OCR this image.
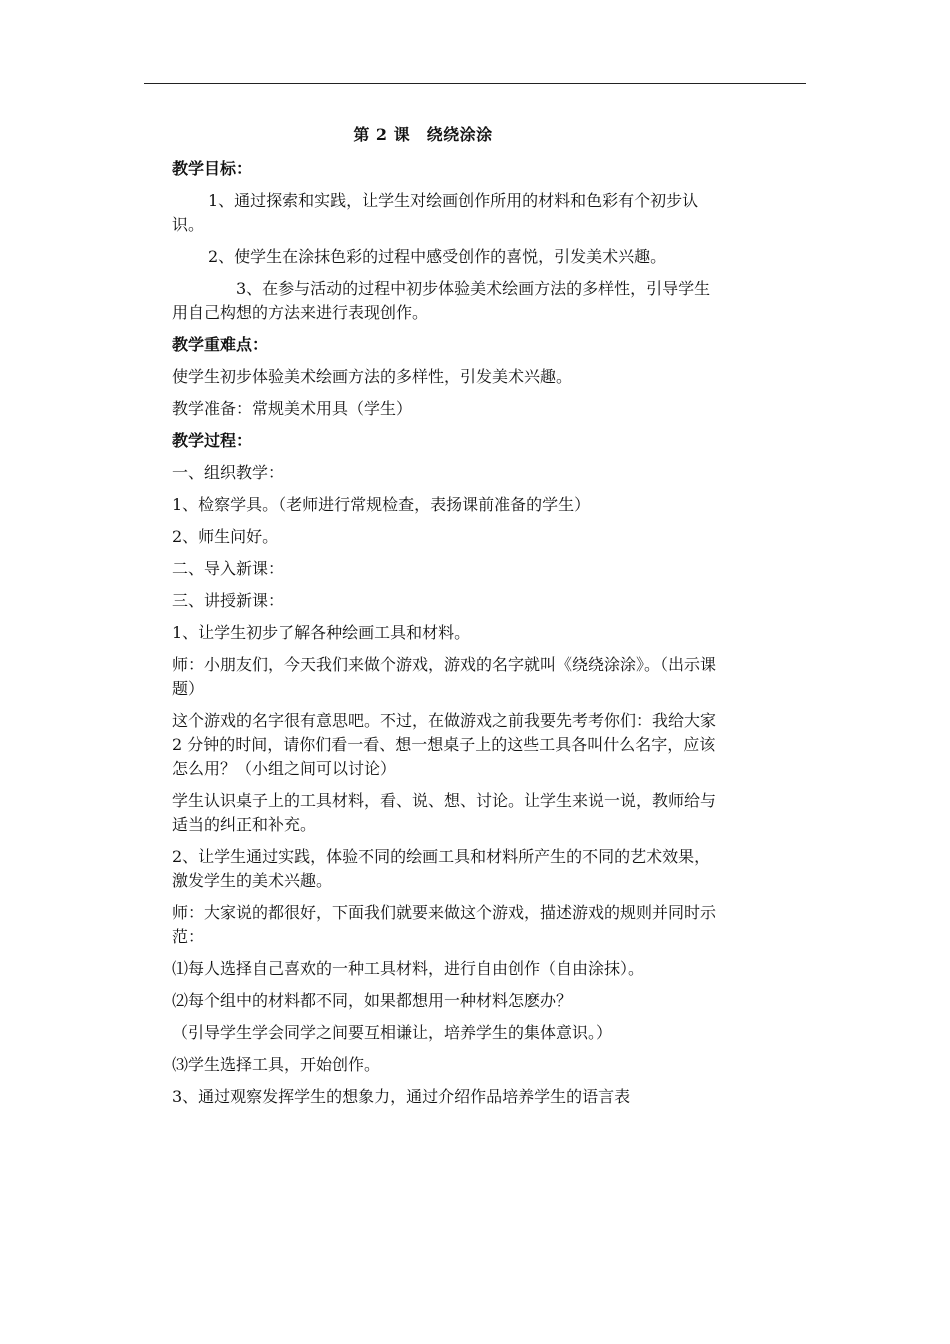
第 2 课　绕绕涂涂
教学目标：

1、通过探索和实践，让学生对绘画创作所用的材料和色彩有个初步认识。

2、使学生在涂抹色彩的过程中感受创作的喜悦，引发美术兴趣。

3、在参与活动的过程中初步体验美术绘画方法的多样性，引导学生用自己构想的方法来进行表现创作。

教学重难点：

使学生初步体验美术绘画方法的多样性，引发美术兴趣。

教学准备：常规美术用具（学生）

教学过程：

一、组织教学：

1、检察学具。（老师进行常规检查，表扬课前准备的学生）

2、师生问好。

二、导入新课：

三、讲授新课：

1、让学生初步了解各种绘画工具和材料。

师：小朋友们，今天我们来做个游戏，游戏的名字就叫《绕绕涂涂》。（出示课题）

这个游戏的名字很有意思吧。不过，在做游戏之前我要先考考你们：我给大家 2 分钟的时间，请你们看一看、想一想桌子上的这些工具各叫什么名字，应该怎么用？（小组之间可以讨论）

学生认识桌子上的工具材料，看、说、想、讨论。让学生来说一说，教师给与适当的纠正和补充。

2、让学生通过实践，体验不同的绘画工具和材料所产生的不同的艺术效果，激发学生的美术兴趣。

师：大家说的都很好，下面我们就要来做这个游戏，描述游戏的规则并同时示范：

⑴每人选择自己喜欢的一种工具材料，进行自由创作（自由涂抹）。

⑵每个组中的材料都不同，如果都想用一种材料怎麽办？

（引导学生学会同学之间要互相谦让，培养学生的集体意识。）

⑶学生选择工具，开始创作。

3、通过观察发挥学生的想象力，通过介绍作品培养学生的语言表
